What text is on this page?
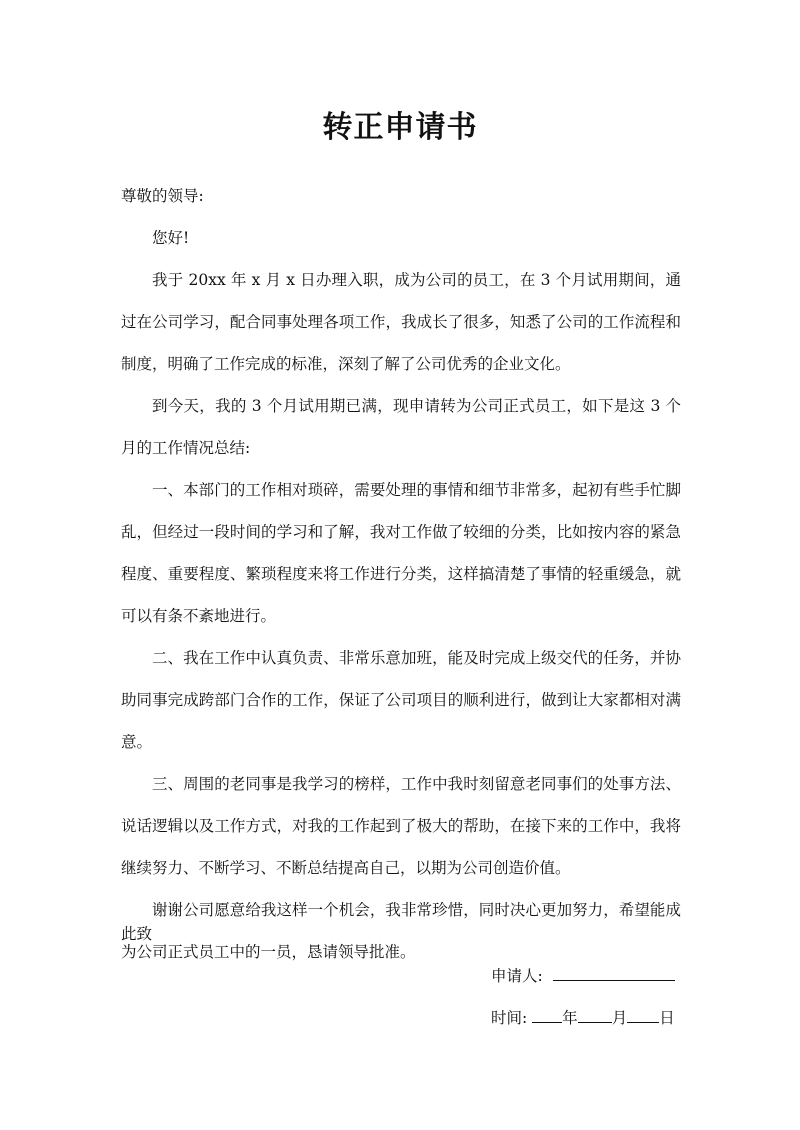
转正申请书

尊敬的领导:

您好!

我于 20xx 年 x 月 x 日办理入职，成为公司的员工，在 3 个月试用期间，通过在公司学习，配合同事处理各项工作，我成长了很多，知悉了公司的工作流程和制度，明确了工作完成的标准，深刻了解了公司优秀的企业文化。

到今天，我的 3 个月试用期已满，现申请转为公司正式员工，如下是这 3 个月的工作情况总结:

一、本部门的工作相对琐碎，需要处理的事情和细节非常多，起初有些手忙脚乱，但经过一段时间的学习和了解，我对工作做了较细的分类，比如按内容的紧急程度、重要程度、繁琐程度来将工作进行分类，这样搞清楚了事情的轻重缓急，就可以有条不紊地进行。

二、我在工作中认真负责、非常乐意加班，能及时完成上级交代的任务，并协助同事完成跨部门合作的工作，保证了公司项目的顺利进行，做到让大家都相对满意。

三、周围的老同事是我学习的榜样，工作中我时刻留意老同事们的处事方法、说话逻辑以及工作方式，对我的工作起到了极大的帮助，在接下来的工作中，我将继续努力、不断学习、不断总结提高自己，以期为公司创造价值。

谢谢公司愿意给我这样一个机会，我非常珍惜，同时决心更加努力，希望能成为公司正式员工中的一员，恳请领导批准。

此致
申请人:
时间: 年 月 日
